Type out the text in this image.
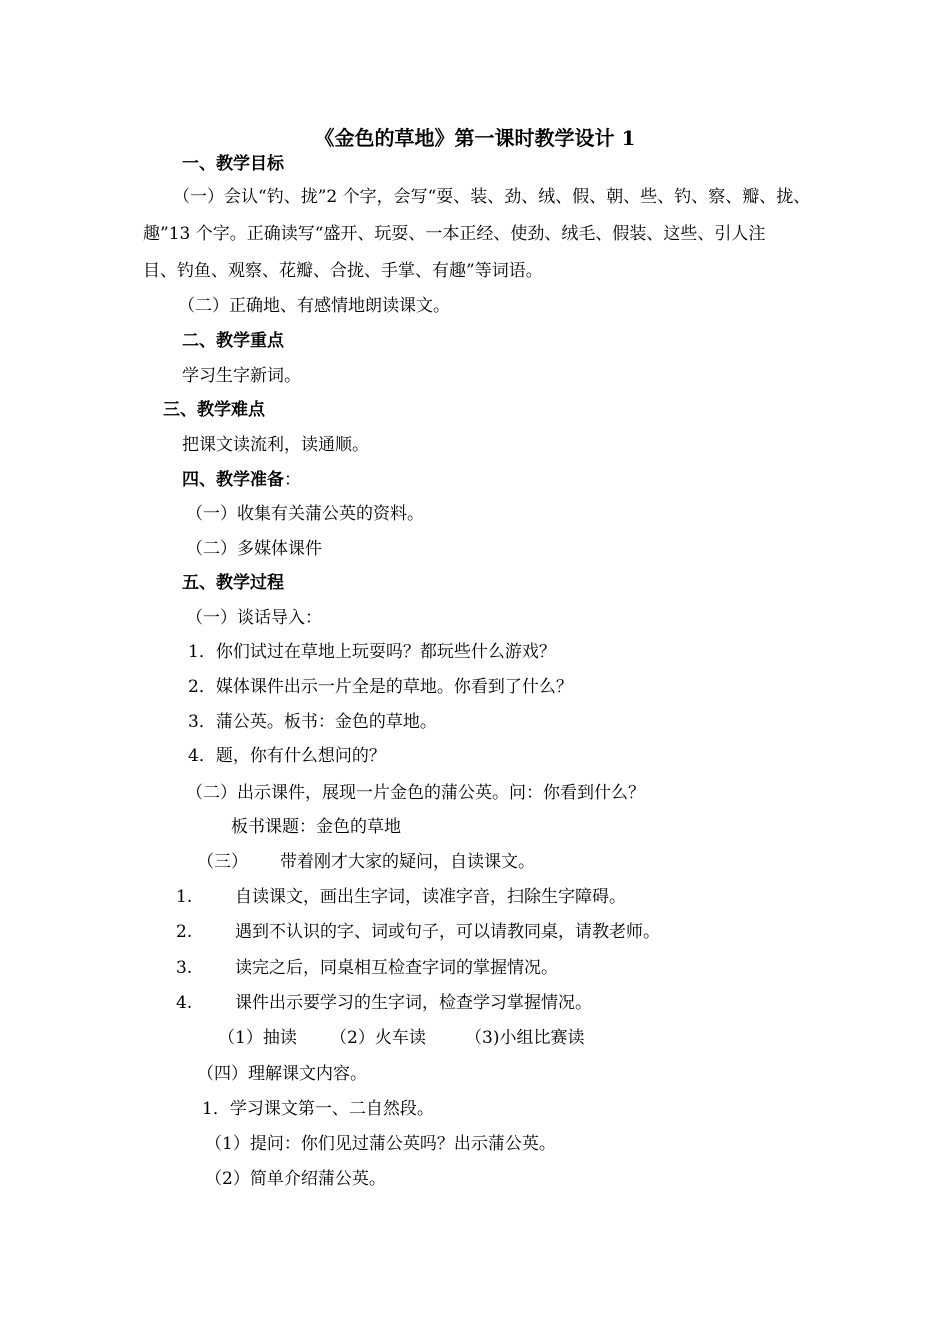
《金色的草地》第一课时教学设计 1
一、教学目标
（一）会认“钓、拢”2 个字，会写“耍、装、劲、绒、假、朝、些、钓、察、瓣、拢、
趣”13 个字。正确读写“盛开、玩耍、一本正经、使劲、绒毛、假装、这些、引人注
目、钓鱼、观察、花瓣、合拢、手掌、有趣”等词语。
（二）正确地、有感情地朗读课文。
二、教学重点
学习生字新词。
三、教学难点
把课文读流利，读通顺。
四、教学准备：
（一）收集有关蒲公英的资料。
（二）多媒体课件
五、教学过程
（一）谈话导入：
1．你们试过在草地上玩耍吗？都玩些什么游戏？
2．媒体课件出示一片全是的草地。你看到了什么？
3．蒲公英。板书：金色的草地。
4．题，你有什么想问的？
（二）出示课件，展现一片金色的蒲公英。问：你看到什么？
板书课题：金色的草地
（三） 带着刚才大家的疑问，自读课文。
1.	自读课文，画出生字词，读准字音，扫除生字障碍。
2.	遇到不认识的字、词或句子，可以请教同桌，请教老师。
3.	读完之后，同桌相互检查字词的掌握情况。
4.	课件出示要学习的生字词，检查学习掌握情况。
（1）抽读 （2）火车读 （3)小组比赛读
（四）理解课文内容。
1．学习课文第一、二自然段。
（1）提问：你们见过蒲公英吗？出示蒲公英。
（2）简单介绍蒲公英。
